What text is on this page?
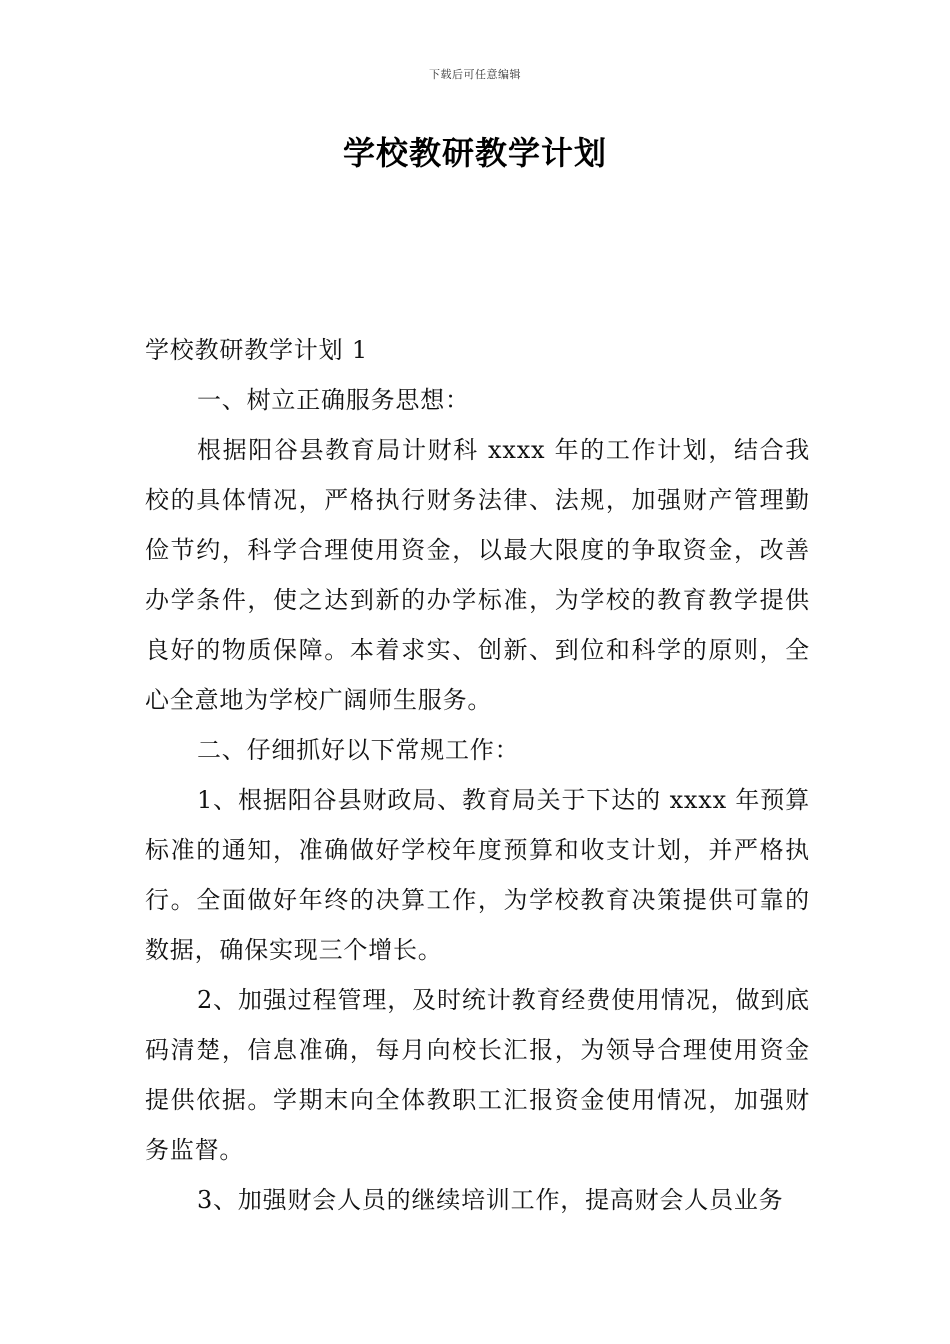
下载后可任意编辑
学校教研教学计划

学校教研教学计划 1

一、树立正确服务思想：

根据阳谷县教育局计财科 xxxx 年的工作计划，结合我校的具体情况，严格执行财务法律、法规，加强财产管理勤俭节约，科学合理使用资金，以最大限度的争取资金，改善办学条件，使之达到新的办学标准，为学校的教育教学提供良好的物质保障。本着求实、创新、到位和科学的原则，全心全意地为学校广阔师生服务。

二、仔细抓好以下常规工作：

1、根据阳谷县财政局、教育局关于下达的 xxxx 年预算标准的通知，准确做好学校年度预算和收支计划，并严格执行。全面做好年终的决算工作，为学校教育决策提供可靠的数据，确保实现三个增长。

2、加强过程管理，及时统计教育经费使用情况，做到底码清楚，信息准确，每月向校长汇报，为领导合理使用资金提供依据。学期末向全体教职工汇报资金使用情况，加强财务监督。

3、加强财会人员的继续培训工作，提高财会人员业务
